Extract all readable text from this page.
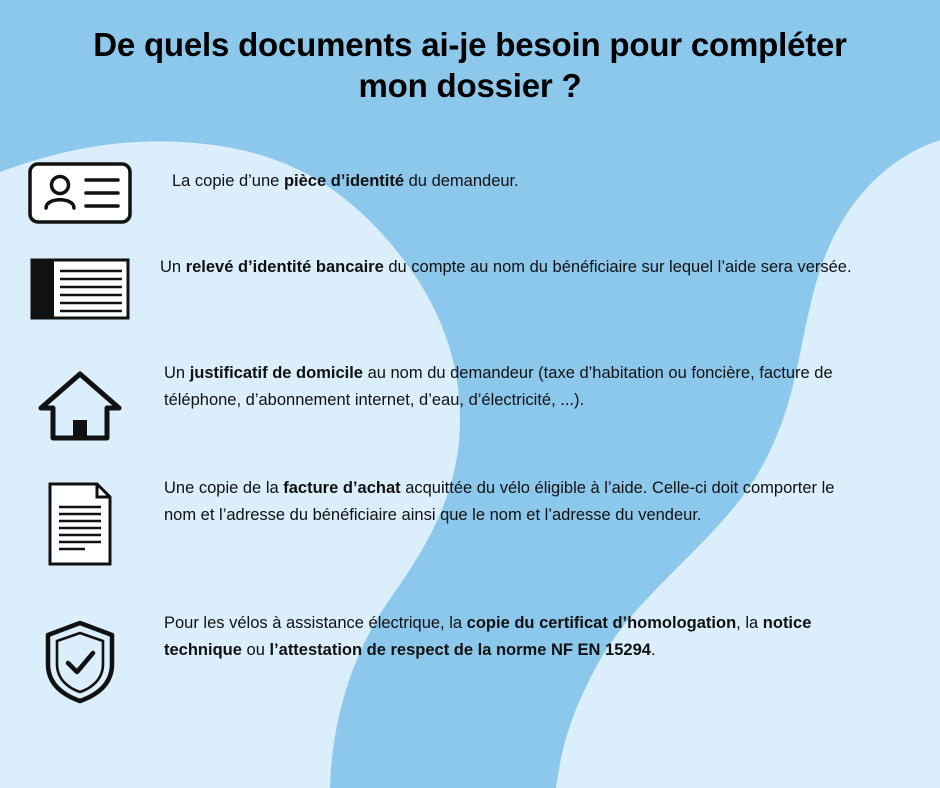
De quels documents ai-je besoin pour compléter mon dossier ?
La copie d’une pièce d’identité du demandeur.
Un relevé d’identité bancaire du compte au nom du bénéficiaire sur lequel l’aide sera versée.
Un justificatif de domicile au nom du demandeur (taxe d’habitation ou foncière, facture de téléphone, d’abonnement internet, d’eau, d’électricité, ...).
Une copie de la facture d’achat acquittée du vélo éligible à l’aide. Celle-ci doit comporter le nom et l’adresse du bénéficiaire ainsi que le nom et l’adresse du vendeur.
Pour les vélos à assistance électrique, la copie du certificat d’homologation, la notice technique ou l’attestation de respect de la norme NF EN 15294.
